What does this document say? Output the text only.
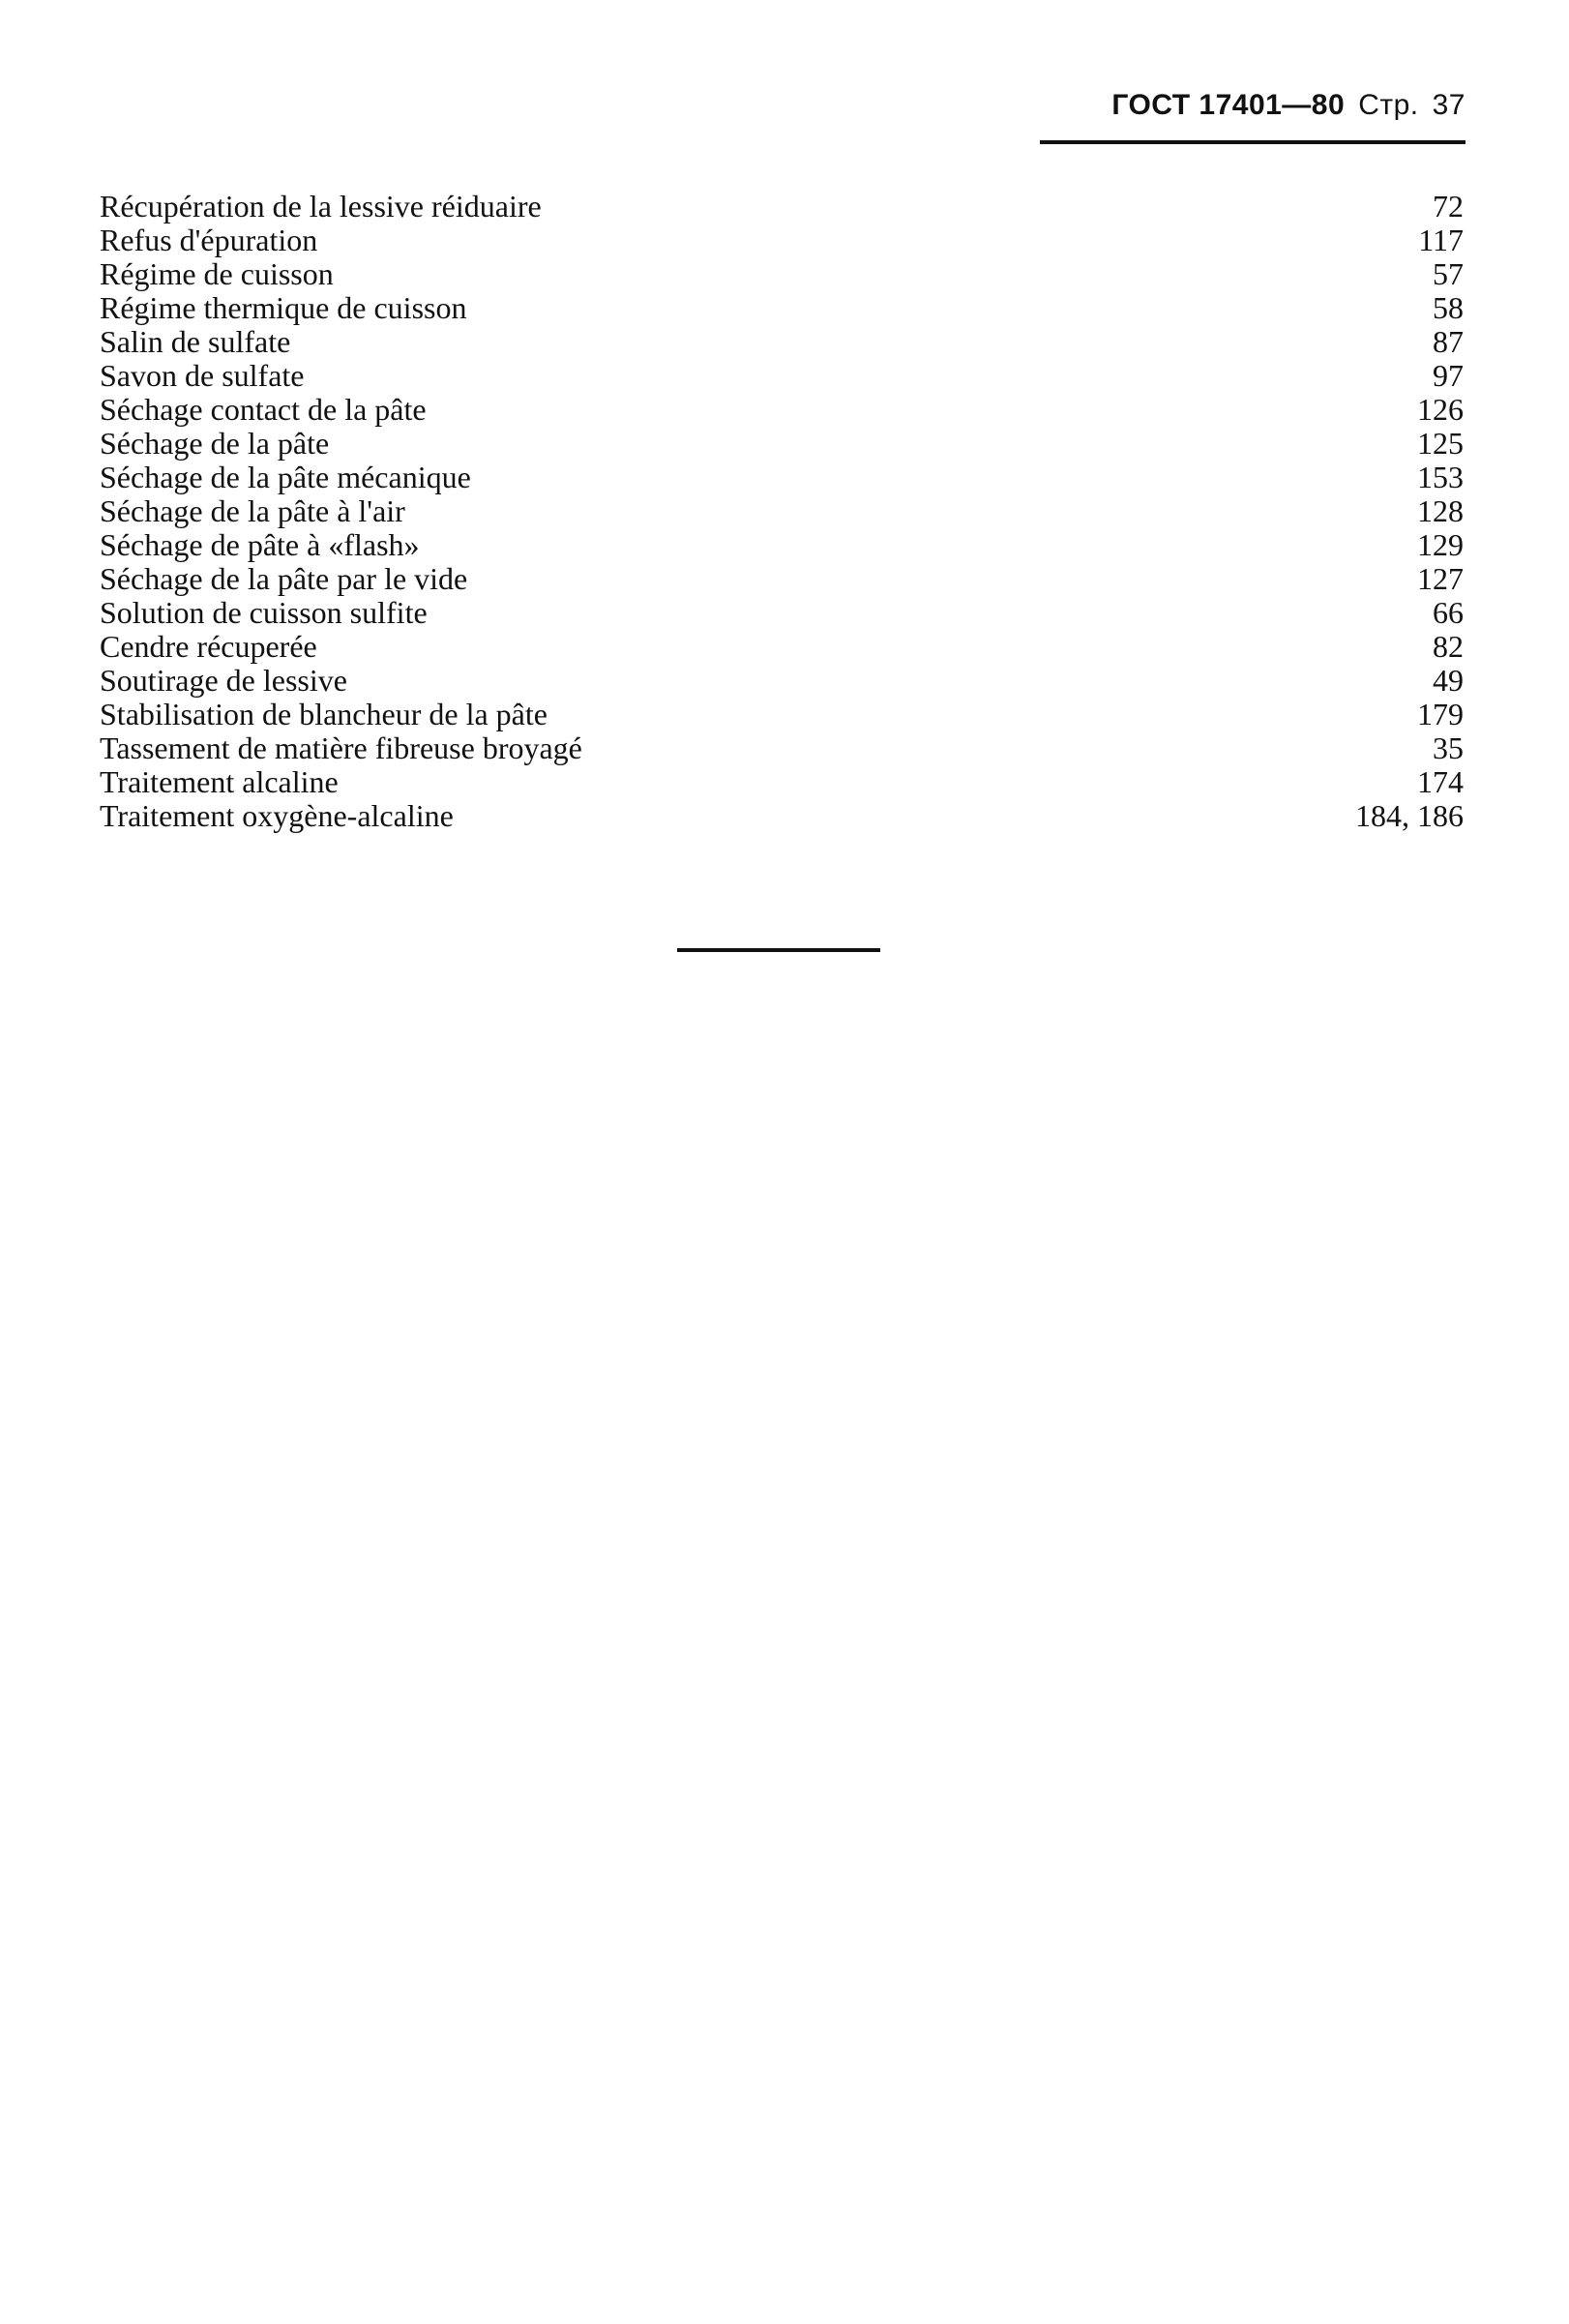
ГОСТ 17401—80 Стр. 37
Récupération de la lessive réiduaire	72
Refus d'épuration	117
Régime de cuisson	57
Régime thermique de cuisson	58
Salin de sulfate	87
Savon de sulfate	97
Séchage contact de la pâte	126
Séchage de la pâte	125
Séchage de la pâte mécanique	153
Séchage de la pâte à l'air	128
Séchage de pâte à «flash»	129
Séchage de la pâte par le vide	127
Solution de cuisson sulfite	66
Cendre récuperée	82
Soutirage de lessive	49
Stabilisation de blancheur de la pâte	179
Tassement de matière fibreuse broyagé	35
Traitement alcaline	174
Traitement oxygène-alcaline	184, 186
